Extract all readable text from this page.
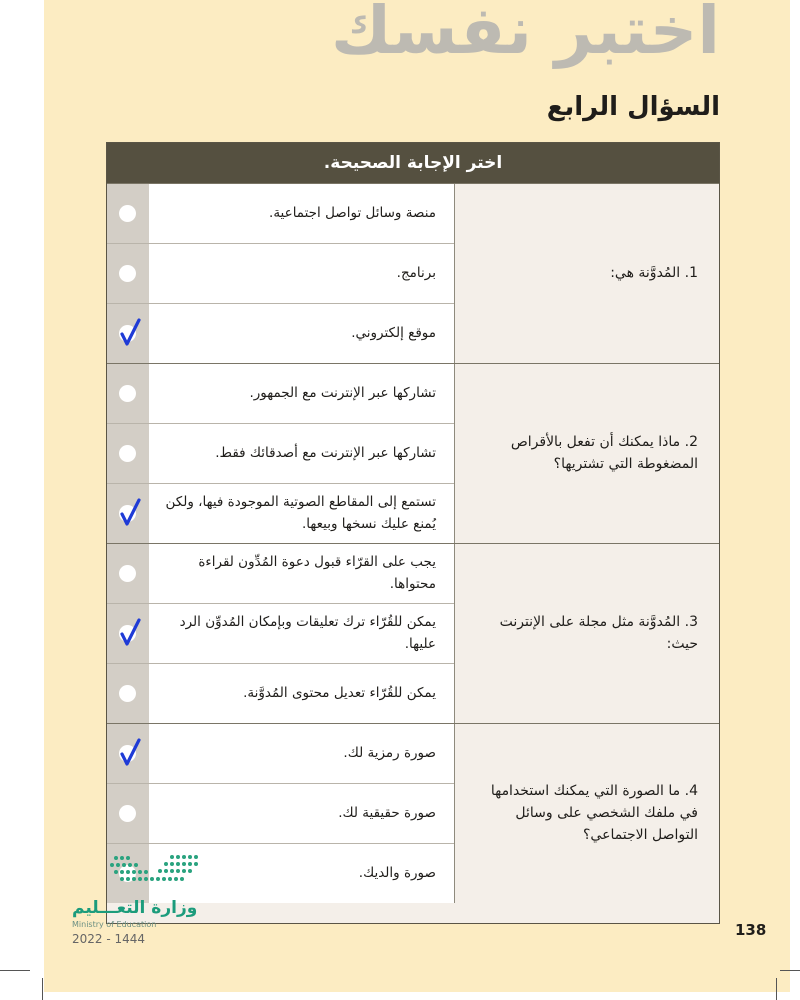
اختبر نفسك
السؤال الرابع
اختر الإجابة الصحيحة.
1. المُدوَّنة هي:
منصة وسائل تواصل اجتماعية.
برنامج.
موقع إلكتروني.
2. ماذا يمكنك أن تفعل بالأقراص المضغوطة التي تشتريها؟
تشاركها عبر الإنترنت مع الجمهور.
تشاركها عبر الإنترنت مع أصدقائك فقط.
تستمع إلى المقاطع الصوتية الموجودة فيها، ولكن يُمنع عليك نسخها وبيعها.
3. المُدوَّنة مثل مجلة على الإنترنت حيث:
يجب على القرّاء قبول دعوة المُدِّون لقراءة محتواها.
يمكن للقُرّاء ترك تعليقات وبإمكان المُدوِّن الرد عليها.
يمكن للقُرّاء تعديل محتوى المُدوَّنة.
4. ما الصورة التي يمكنك استخدامها في ملفك الشخصي على وسائل التواصل الاجتماعي؟
صورة رمزية لك.
صورة حقيقية لك.
صورة والديك.
وزارة التعـــليم
Ministry of Education
2022 - 1444	138
